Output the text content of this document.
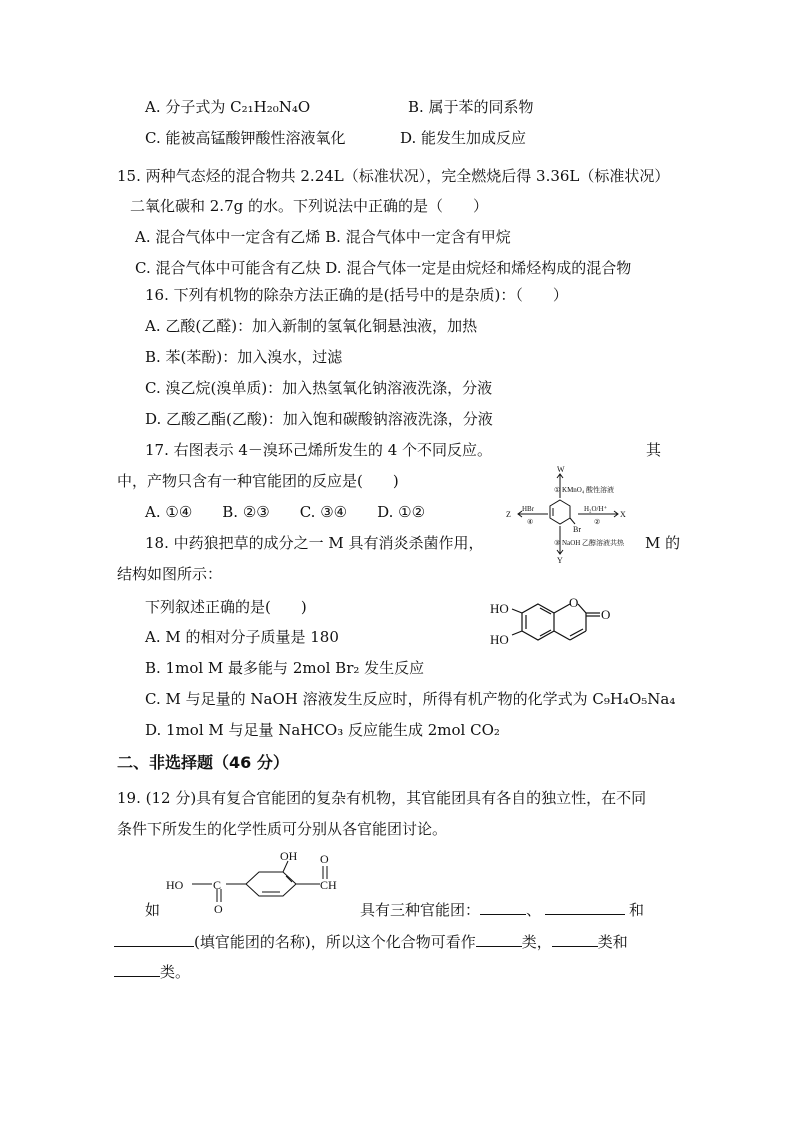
A. 分子式为 C₂₁H₂₀N₄O	B. 属于苯的同系物
C. 能被高锰酸钾酸性溶液氧化	D. 能发生加成反应
15. 两种气态烃的混合物共 2.24L（标准状况），完全燃烧后得 3.36L（标准状况）
二氧化碳和 2.7g 的水。下列说法中正确的是（　　）
A. 混合气体中一定含有乙烯 B. 混合气体中一定含有甲烷
C. 混合气体中可能含有乙炔 D. 混合气体一定是由烷烃和烯烃构成的混合物
16. 下列有机物的除杂方法正确的是(括号中的是杂质)：（　　）
A. 乙酸(乙醛)：加入新制的氢氧化铜悬浊液，加热
B. 苯(苯酚)：加入溴水，过滤
C. 溴乙烷(溴单质)：加入热氢氧化钠溶液洗涤，分液
D. 乙酸乙酯(乙酸)：加入饱和碳酸钠溶液洗涤，分液
17. 右图表示 4－溴环己烯所发生的 4 个不同反应。	其
中，产物只含有一种官能团的反应是(　　)
A. ①④　　B. ②③　　C. ③④　　D. ①②
W
① KMnO₄ 酸性溶液
H₂O/H⁺
②
X
HBr
④
Z
Br
③ NaOH 乙醇溶液共热
Y
18. 中药狼把草的成分之一 M 具有消炎杀菌作用，	M 的
结构如图所示：
下列叙述正确的是(　　)
A. M 的相对分子质量是 180
B. 1mol M 最多能与 2mol Br₂ 发生反应
C. M 与足量的 NaOH 溶液发生反应时，所得有机产物的化学式为 C₉H₄O₅Na₄
D. 1mol M 与足量 NaHCO₃ 反应能生成 2mol CO₂
HO
HO
O
O
二、非选择题（46 分）
19. (12 分)具有复合官能团的复杂有机物，其官能团具有各自的独立性，在不同
条件下所发生的化学性质可分别从各官能团讨论。
HO C
O
OH O
CH
如	具有三种官能团：	、	和
(填官能团的名称)，所以这个化合物可看作	类，	类和
类。
